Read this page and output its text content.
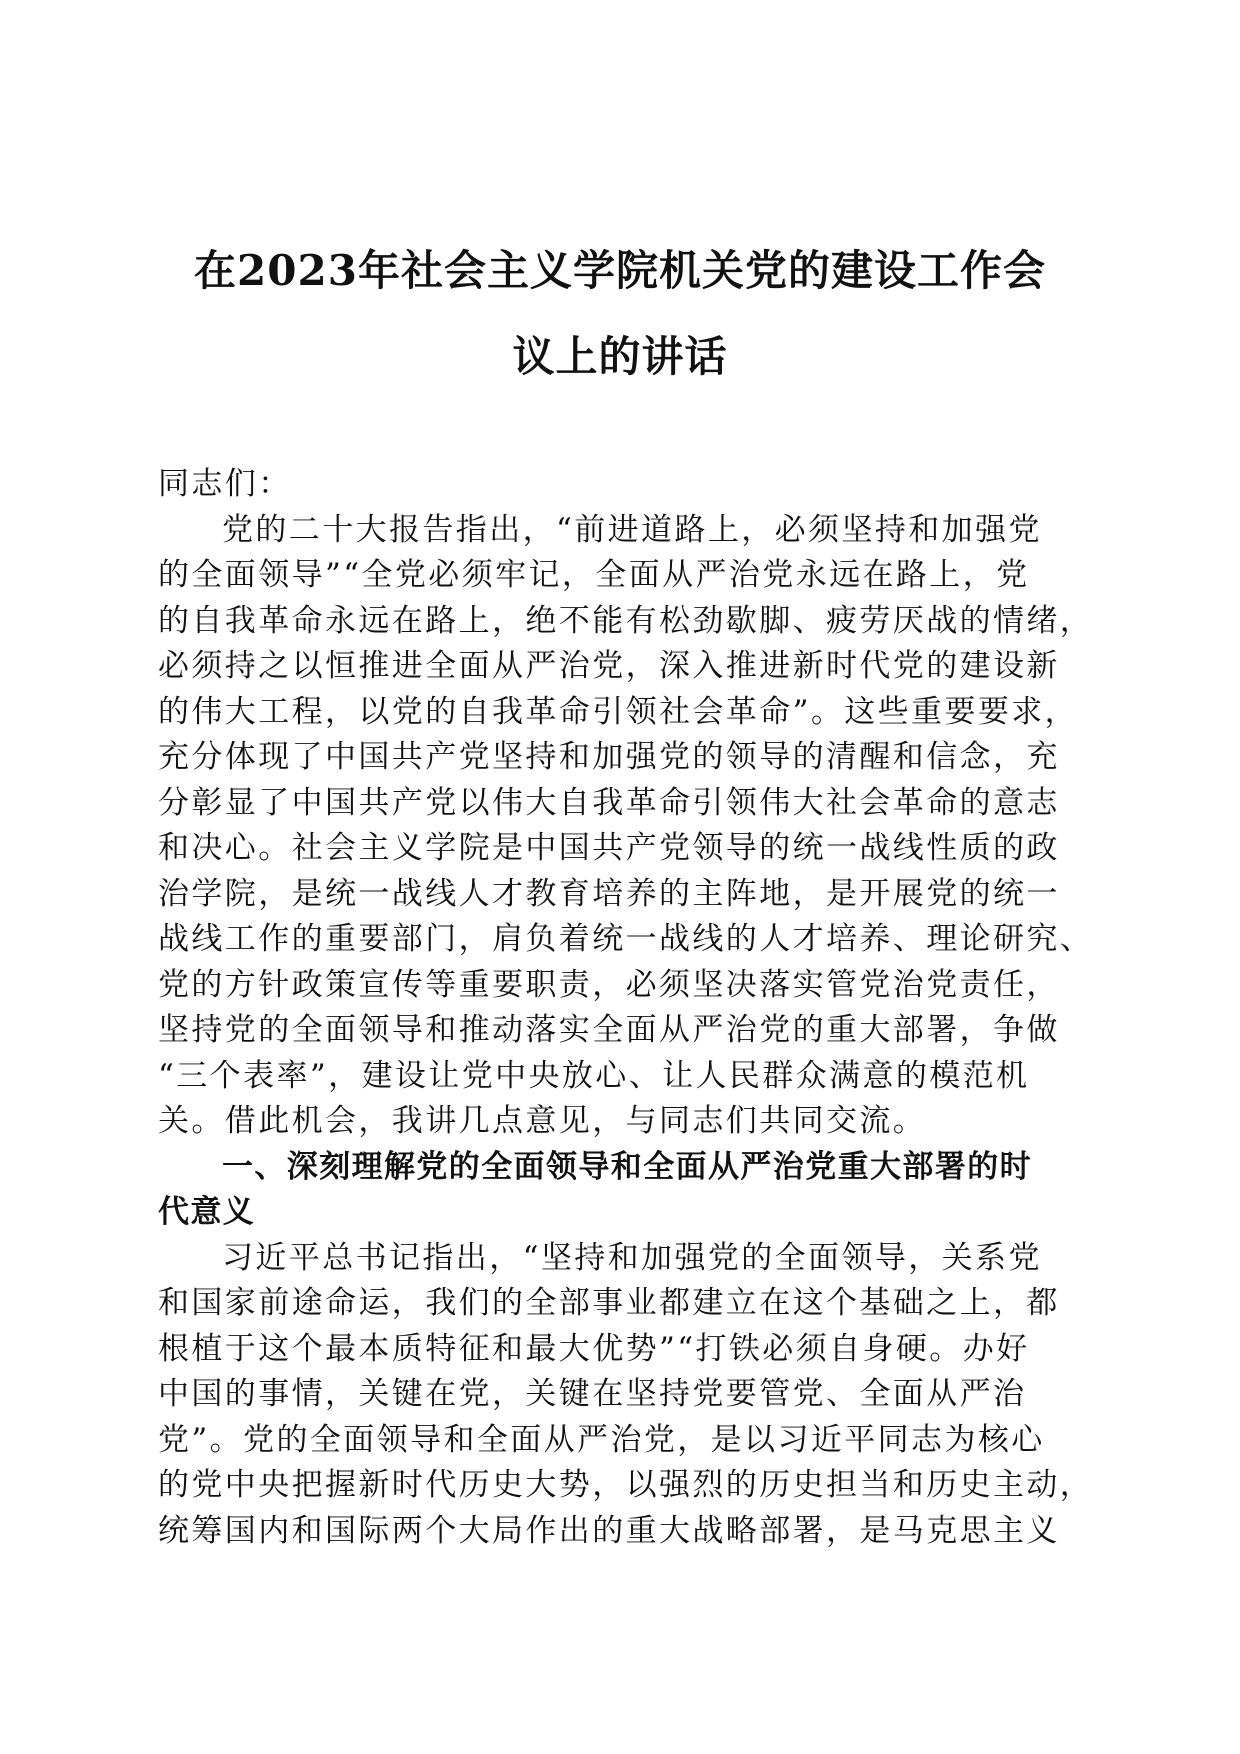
在2023年社会主义学院机关党的建设工作会
议上的讲话
同志们：
党的二十大报告指出，“前进道路上，必须坚持和加强党
的全面领导”“全党必须牢记，全面从严治党永远在路上，党
的自我革命永远在路上，绝不能有松劲歇脚、疲劳厌战的情绪，
必须持之以恒推进全面从严治党，深入推进新时代党的建设新
的伟大工程，以党的自我革命引领社会革命”。这些重要要求，
充分体现了中国共产党坚持和加强党的领导的清醒和信念，充
分彰显了中国共产党以伟大自我革命引领伟大社会革命的意志
和决心。社会主义学院是中国共产党领导的统一战线性质的政
治学院，是统一战线人才教育培养的主阵地，是开展党的统一
战线工作的重要部门，肩负着统一战线的人才培养、理论研究、
党的方针政策宣传等重要职责，必须坚决落实管党治党责任，
坚持党的全面领导和推动落实全面从严治党的重大部署，争做
“三个表率”，建设让党中央放心、让人民群众满意的模范机
关。借此机会，我讲几点意见，与同志们共同交流。
一、深刻理解党的全面领导和全面从严治党重大部署的时
代意义
习近平总书记指出，“坚持和加强党的全面领导，关系党
和国家前途命运，我们的全部事业都建立在这个基础之上，都
根植于这个最本质特征和最大优势”“打铁必须自身硬。办好
中国的事情，关键在党，关键在坚持党要管党、全面从严治
党”。党的全面领导和全面从严治党，是以习近平同志为核心
的党中央把握新时代历史大势，以强烈的历史担当和历史主动，
统筹国内和国际两个大局作出的重大战略部署，是马克思主义
